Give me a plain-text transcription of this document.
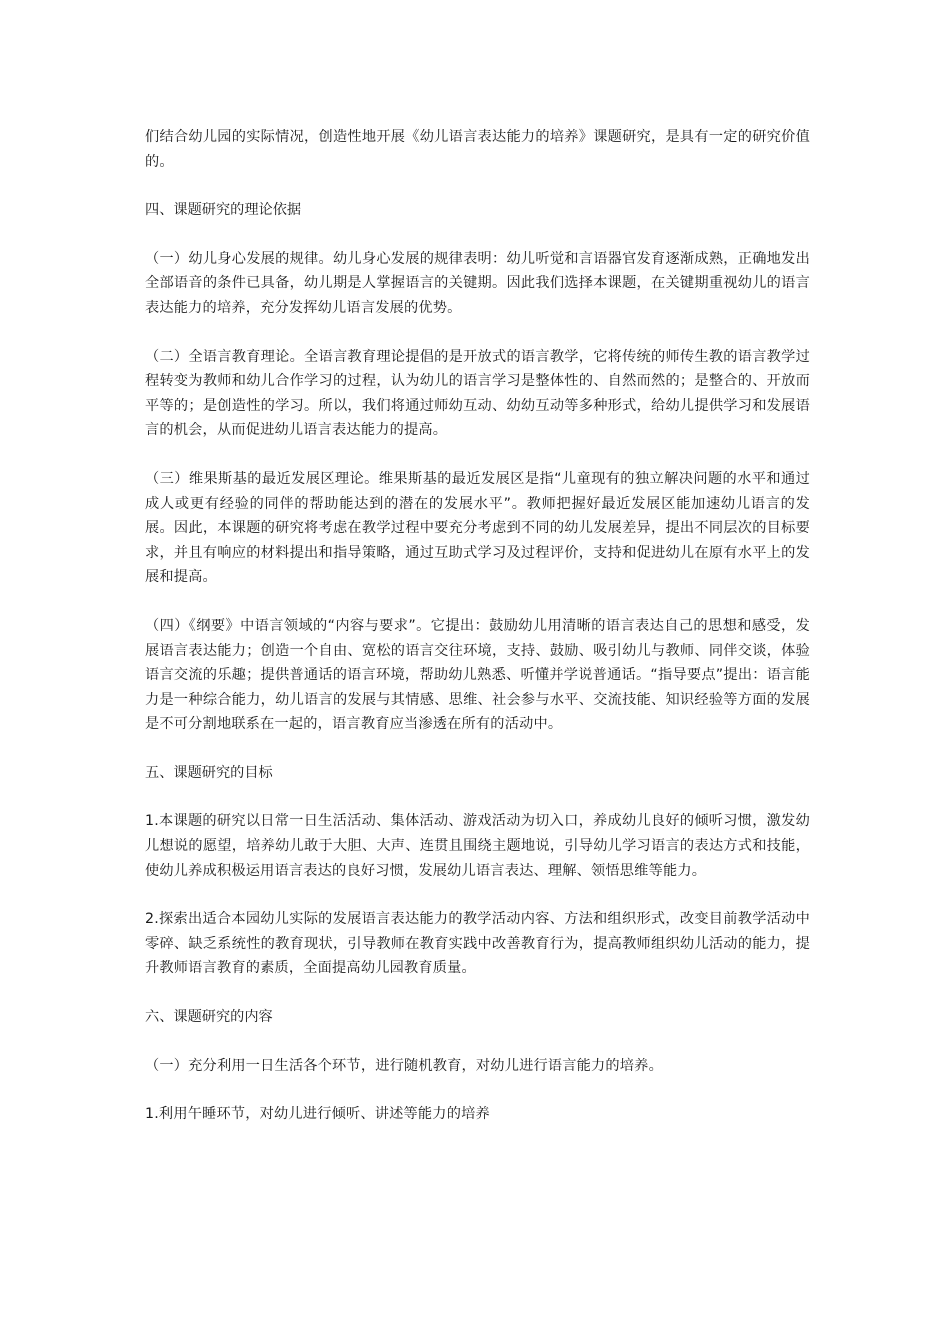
们结合幼儿园的实际情况，创造性地开展《幼儿语言表达能力的培养》课题研究，是具有一定的研究价值的。

四、课题研究的理论依据

（一）幼儿身心发展的规律。幼儿身心发展的规律表明：幼儿听觉和言语器官发育逐渐成熟，正确地发出全部语音的条件已具备，幼儿期是人掌握语言的关键期。因此我们选择本课题，在关键期重视幼儿的语言表达能力的培养，充分发挥幼儿语言发展的优势。

（二）全语言教育理论。全语言教育理论提倡的是开放式的语言教学，它将传统的师传生教的语言教学过程转变为教师和幼儿合作学习的过程，认为幼儿的语言学习是整体性的、自然而然的；是整合的、开放而平等的；是创造性的学习。所以，我们将通过师幼互动、幼幼互动等多种形式，给幼儿提供学习和发展语言的机会，从而促进幼儿语言表达能力的提高。

（三）维果斯基的最近发展区理论。维果斯基的最近发展区是指“儿童现有的独立解决问题的水平和通过成人或更有经验的同伴的帮助能达到的潜在的发展水平”。教师把握好最近发展区能加速幼儿语言的发展。因此，本课题的研究将考虑在教学过程中要充分考虑到不同的幼儿发展差异，提出不同层次的目标要求，并且有响应的材料提出和指导策略，通过互助式学习及过程评价，支持和促进幼儿在原有水平上的发展和提高。

（四）《纲要》中语言领域的“内容与要求”。它提出：鼓励幼儿用清晰的语言表达自己的思想和感受，发展语言表达能力；创造一个自由、宽松的语言交往环境，支持、鼓励、吸引幼儿与教师、同伴交谈，体验语言交流的乐趣；提供普通话的语言环境，帮助幼儿熟悉、听懂并学说普通话。“指导要点”提出：语言能力是一种综合能力，幼儿语言的发展与其情感、思维、社会参与水平、交流技能、知识经验等方面的发展是不可分割地联系在一起的，语言教育应当渗透在所有的活动中。

五、课题研究的目标

1.本课题的研究以日常一日生活活动、集体活动、游戏活动为切入口，养成幼儿良好的倾听习惯，激发幼儿想说的愿望，培养幼儿敢于大胆、大声、连贯且围绕主题地说，引导幼儿学习语言的表达方式和技能，使幼儿养成积极运用语言表达的良好习惯，发展幼儿语言表达、理解、领悟思维等能力。

2.探索出适合本园幼儿实际的发展语言表达能力的教学活动内容、方法和组织形式，改变目前教学活动中零碎、缺乏系统性的教育现状，引导教师在教育实践中改善教育行为，提高教师组织幼儿活动的能力，提升教师语言教育的素质，全面提高幼儿园教育质量。

六、课题研究的内容

（一）充分利用一日生活各个环节，进行随机教育，对幼儿进行语言能力的培养。

1.利用午睡环节，对幼儿进行倾听、讲述等能力的培养
